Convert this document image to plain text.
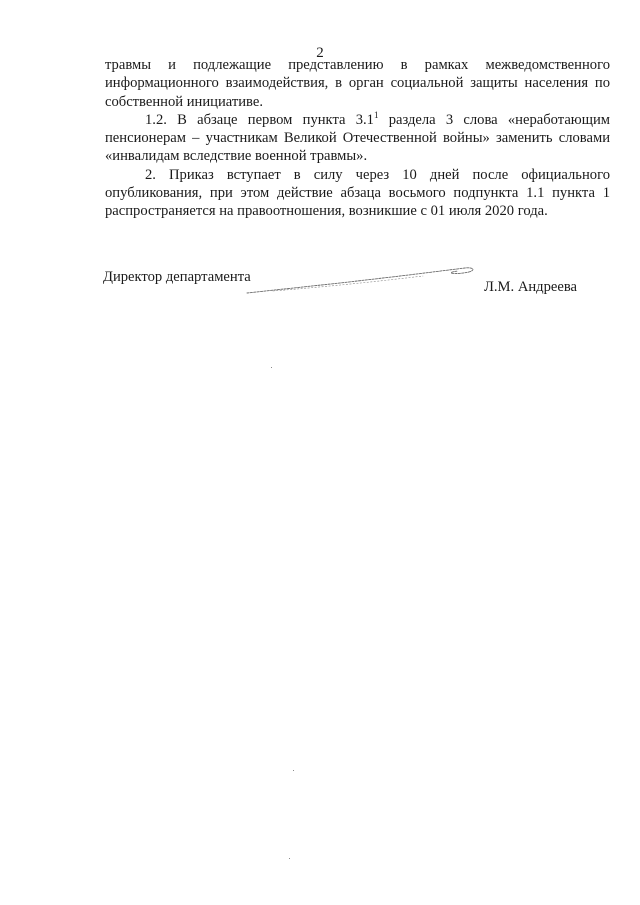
2

травмы и подлежащие представлению в рамках межведомственного информационного взаимодействия, в орган социальной защиты населения по собственной инициативе.

1.2. В абзаце первом пункта $3.1^1$ раздела 3 слова «неработающим пенсионерам – участникам Великой Отечественной войны» заменить словами «инвалидам вследствие военной травмы».

2. Приказ вступает в силу через 10 дней после официального опубликования, при этом действие абзаца восьмого подпункта 1.1 пункта 1 распространяется на правоотношения, возникшие с 01 июля 2020 года.

Директор департамента
Л.М. Андреева
